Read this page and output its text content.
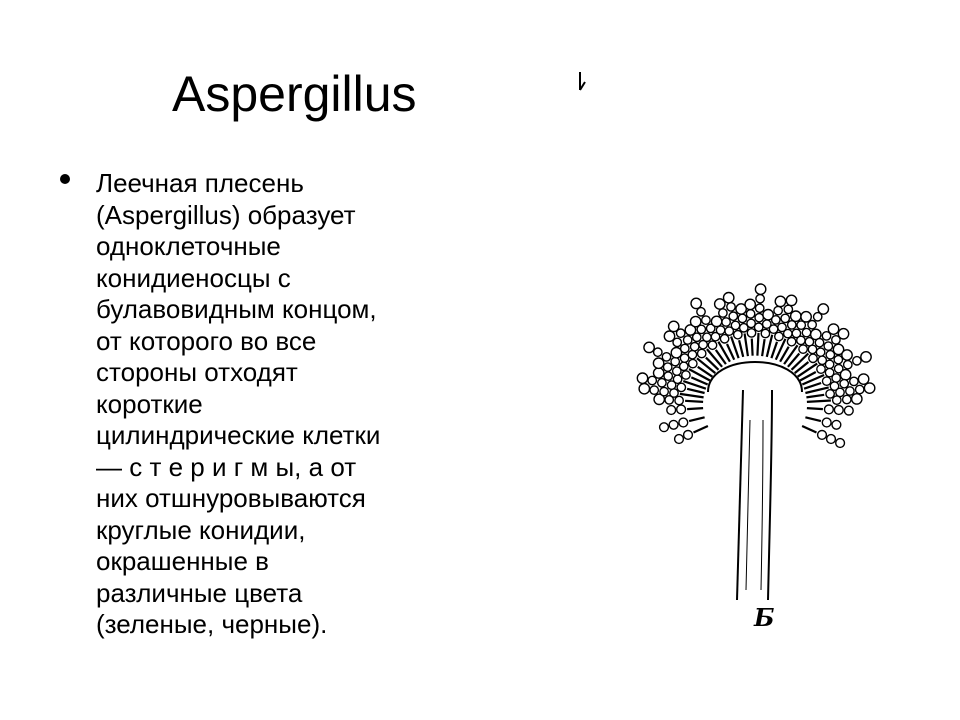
Aspergillus

Леечная плесень
(Aspergillus) образует
одноклеточные
конидиеносцы с
булавовидным концом,
от которого во все
стороны отходят
короткие
цилиндрические клетки
— с т е р и г м ы, а от
них отшнуровываются
круглые конидии,
окрашенные в
различные цвета
(зеленые, черные).	Б
